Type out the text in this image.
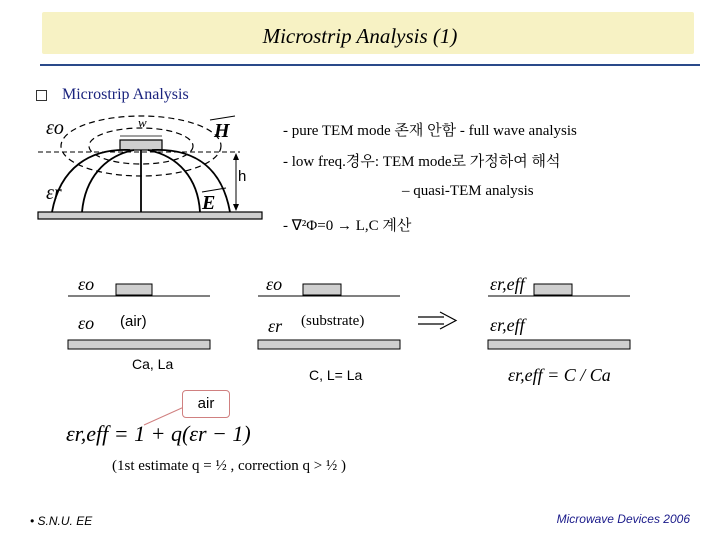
Microstrip Analysis (1)
Microstrip Analysis
εo
εr
w
h
H
E
- pure TEM mode 존재 안함 - full wave analysis
- low freq.경우: TEM mode로 가정하여 해석
– quasi-TEM analysis
- ∇²Φ=0 → L,C 계산
εo
εo (air)
Ca, La
εo
εr (substrate)
C, L= La
εr,eff
εr,eff
εr,eff = C / Ca
air
εr,eff = 1 + q(εr − 1)
(1st estimate q = ½ , correction q > ½ )
• S.N.U. EE	Microwave Devices 2006
